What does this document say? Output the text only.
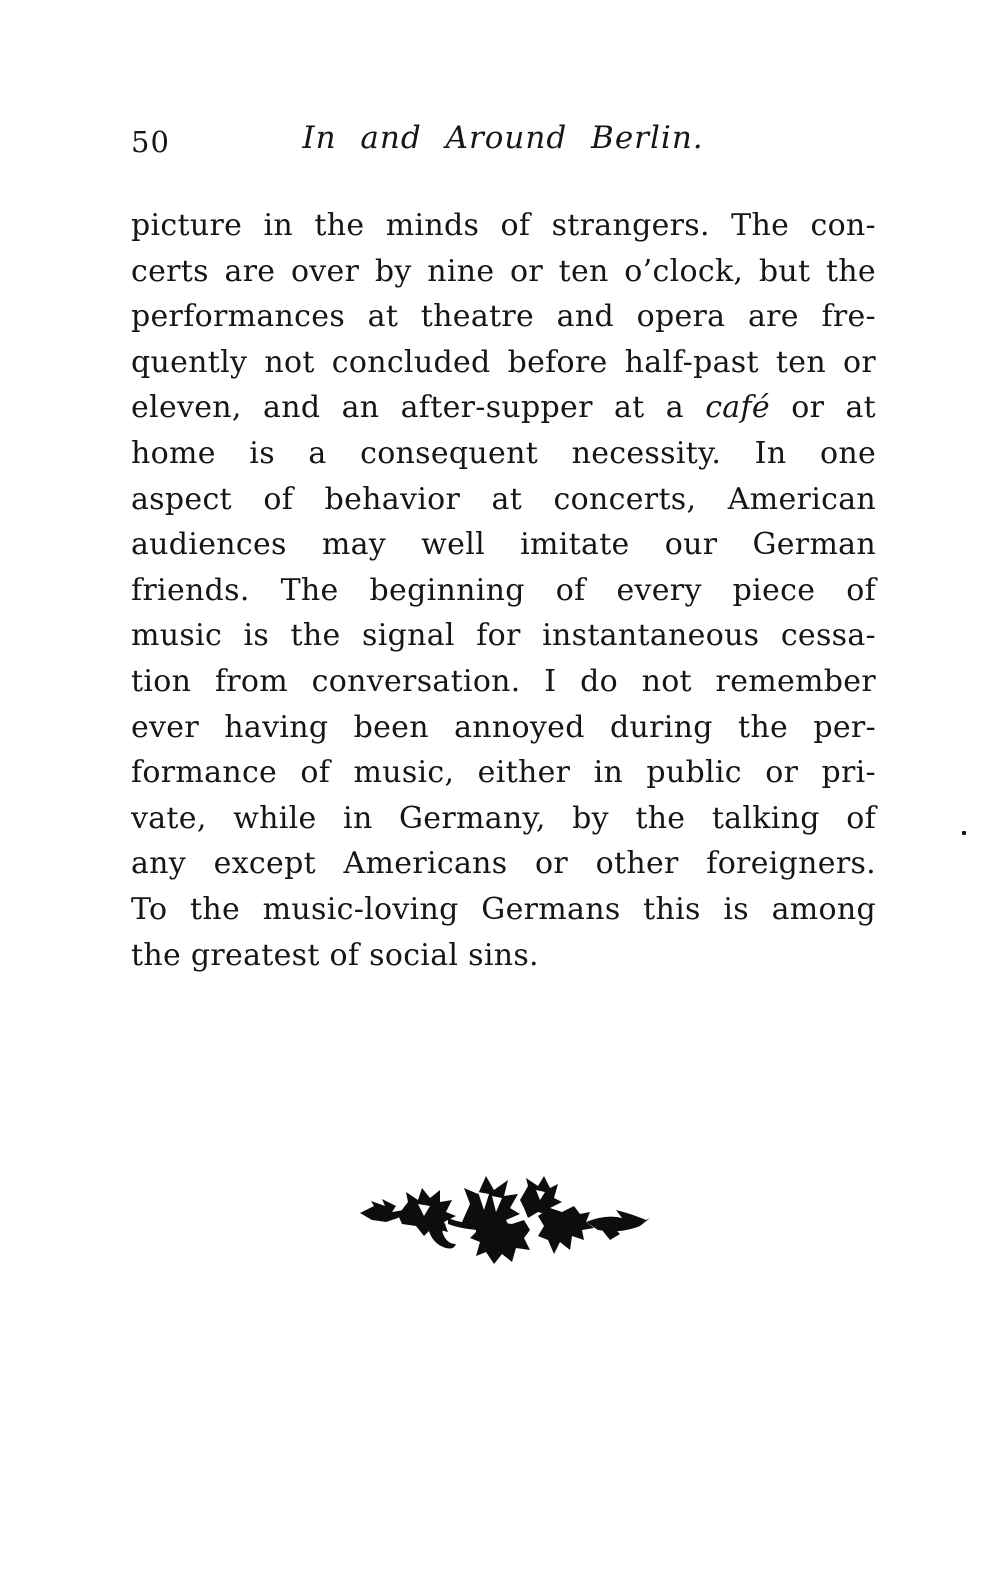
50	In and Around Berlin.
picture in the minds of strangers. The con-
certs are over by nine or ten o’clock, but the
performances at theatre and opera are fre-
quently not concluded before half-past ten or
eleven, and an after-supper at a café or at
home is a consequent necessity. In one
aspect of behavior at concerts, American
audiences may well imitate our German
friends. The beginning of every piece of
music is the signal for instantaneous cessa-
tion from conversation. I do not remember
ever having been annoyed during the per-
formance of music, either in public or pri-
vate, while in Germany, by the talking of
any except Americans or other foreigners.
To the music-loving Germans this is among
the greatest of social sins.
